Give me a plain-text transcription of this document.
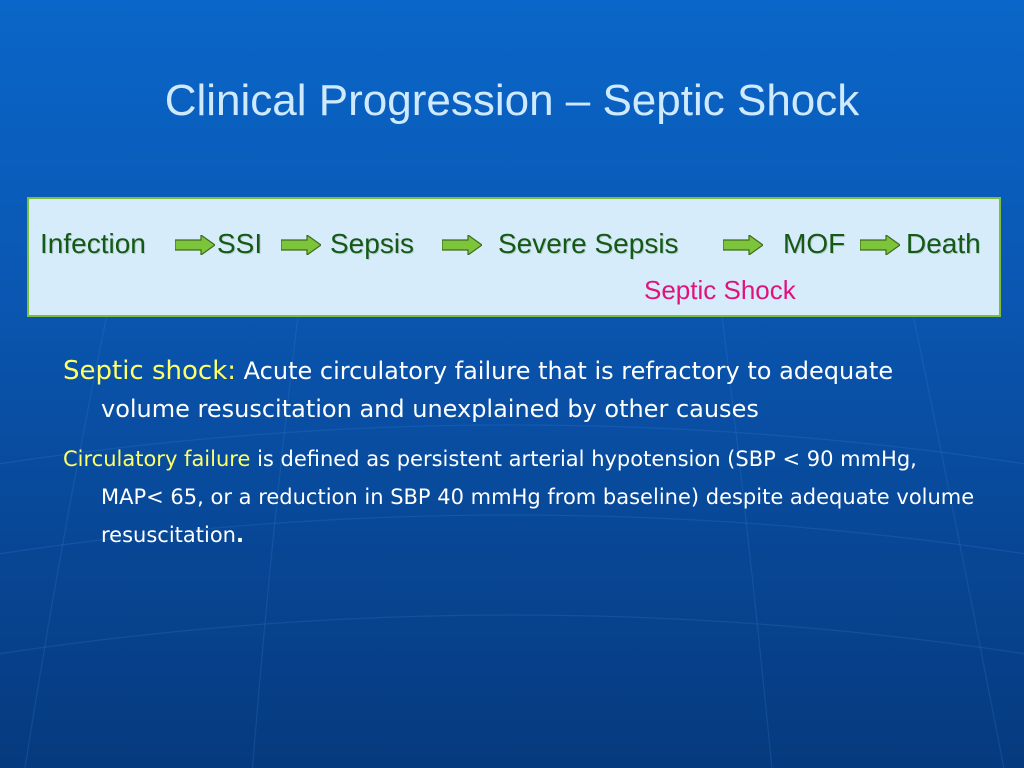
Clinical Progression – Septic Shock
Infection	SSI Sepsis	Severe Sepsis	MOF Death
Septic Shock
Septic shock: Acute circulatory failure that is refractory to adequate volume resuscitation and unexplained by other causes
Circulatory failure is defined as persistent arterial hypotension (SBP < 90 mmHg, MAP< 65, or a reduction in SBP 40 mmHg from baseline) despite adequate volume resuscitation.
